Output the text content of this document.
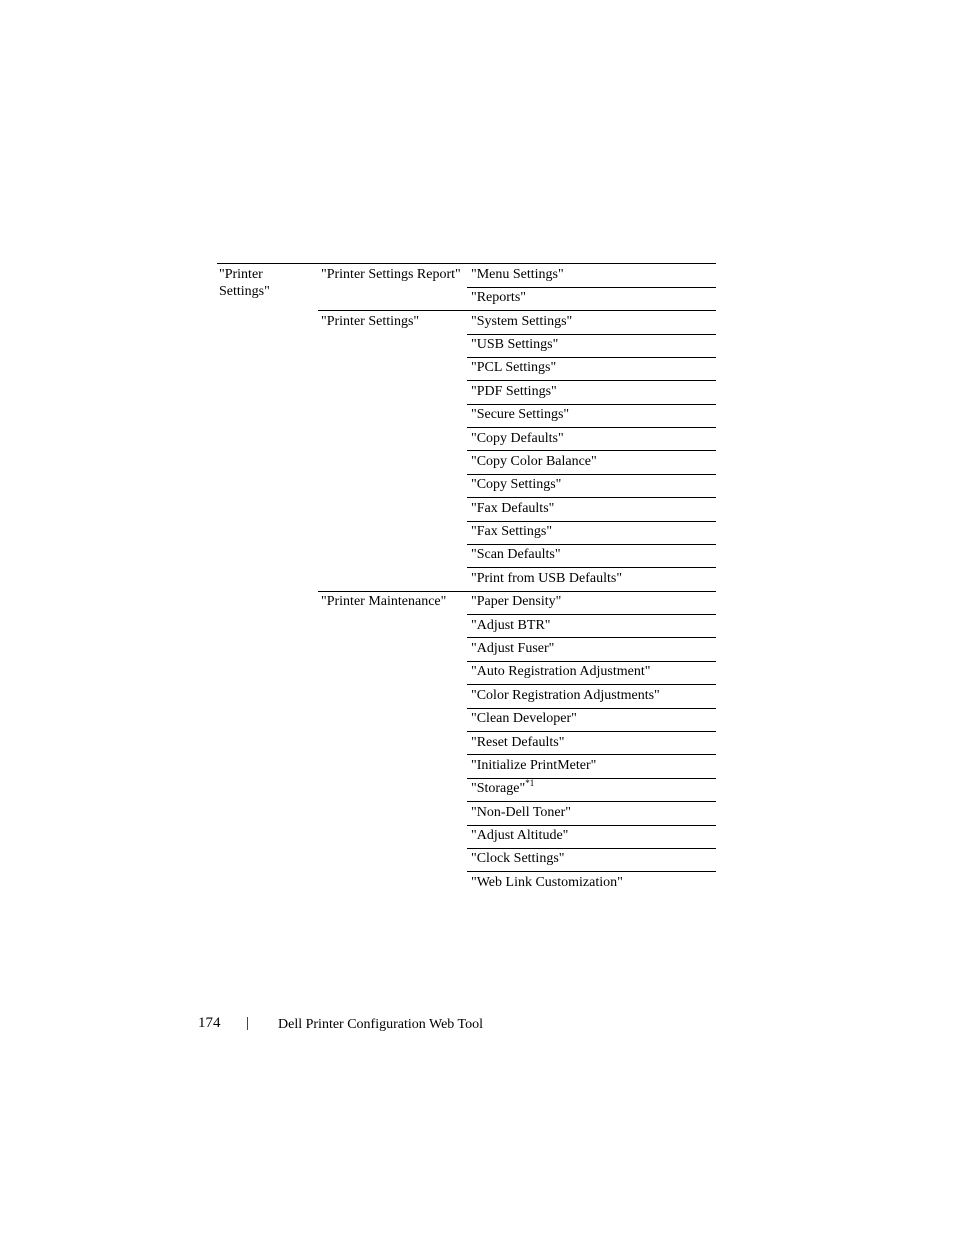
"Printer Settings"
"Printer Settings Report" "Menu Settings"
"Reports"
"Printer Settings"	"System Settings"
"USB Settings"
"PCL Settings"
"PDF Settings"
"Secure Settings"
"Copy Defaults"
"Copy Color Balance"
"Copy Settings"
"Fax Defaults"
"Fax Settings"
"Scan Defaults"
"Print from USB Defaults"
"Printer Maintenance" "Paper Density"
"Adjust BTR"
"Adjust Fuser"
"Auto Registration Adjustment"
"Color Registration Adjustments"
"Clean Developer"
"Reset Defaults"
"Initialize PrintMeter"
"Storage"$^{*1}$
"Non-Dell Toner"
"Adjust Altitude"
"Clock Settings"
"Web Link Customization"
174 | Dell Printer Configuration Web Tool
